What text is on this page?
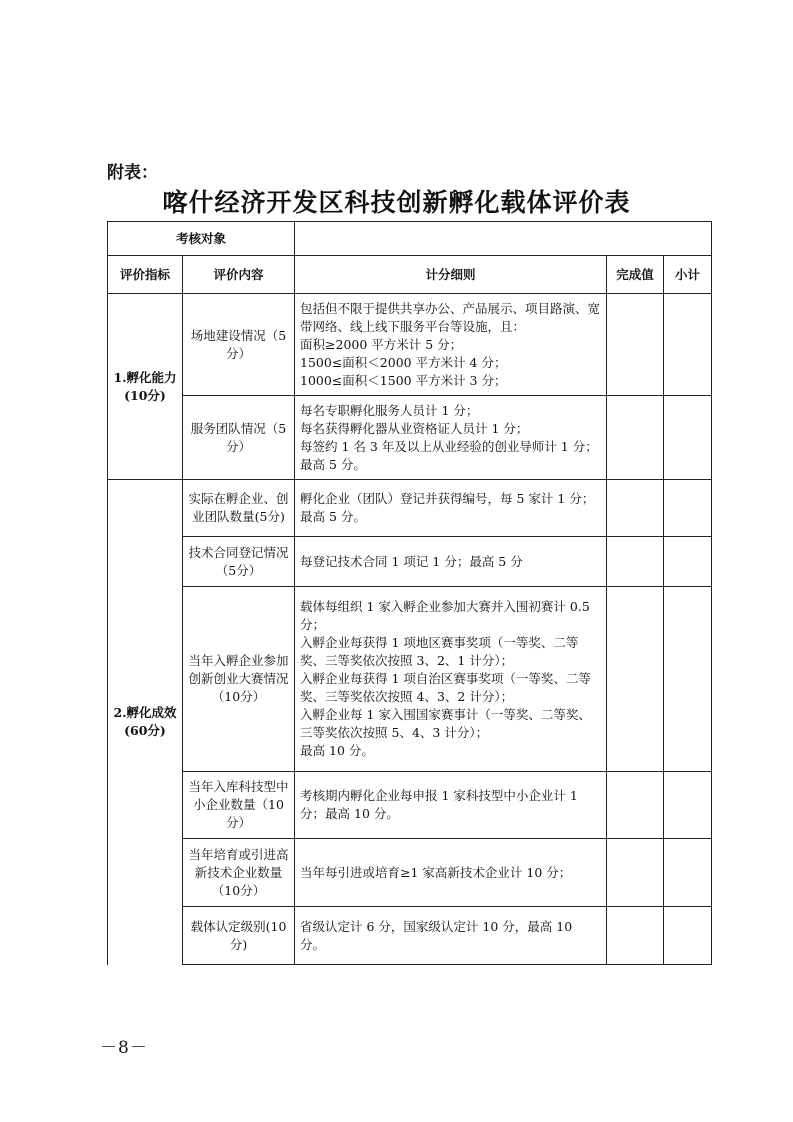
附表：
喀什经济开发区科技创新孵化载体评价表
考核对象				
评价指标	评价内容	计分细则	完成值	小计
1.孵化能力(10分)	场地建设情况（5分）	包括但不限于提供共享办公、产品展示、项目路演、宽带网络、线上线下服务平台等设施，且：
面积≥2000 平方米计 5 分；
1500≤面积＜2000 平方米计 4 分；
1000≤面积＜1500 平方米计 3 分；		

	服务团队情况（5分）	每名专职孵化服务人员计 1 分；
每名获得孵化器从业资格证人员计 1 分；
每签约 1 名 3 年及以上从业经验的创业导师计 1 分；
最高 5 分。		

2.孵化成效(60分)	实际在孵企业、创业团队数量(5分)	孵化企业（团队）登记并获得编号，每 5 家计 1 分；
最高 5 分。		

	技术合同登记情况（5分）	每登记技术合同 1 项记 1 分；最高 5 分		

	当年入孵企业参加创新创业大赛情况（10分）	载体每组织 1 家入孵企业参加大赛并入围初赛计 0.5 分；
入孵企业每获得 1 项地区赛事奖项（一等奖、二等奖、三等奖依次按照 3、2、1 计分）；
入孵企业每获得 1 项自治区赛事奖项（一等奖、二等奖、三等奖依次按照 4、3、2 计分）；
入孵企业每 1 家入围国家赛事计（一等奖、二等奖、三等奖依次按照 5、4、3 计分）；
最高 10 分。		

	当年入库科技型中小企业数量（10分）	考核期内孵化企业每申报 1 家科技型中小企业计 1 分；最高 10 分。		

	当年培育或引进高新技术企业数量（10分）	当年每引进或培育≥1 家高新技术企业计 10 分；		

	载体认定级别(10分)	省级认定计 6 分，国家级认定计 10 分，最高 10 分。		

－8－
